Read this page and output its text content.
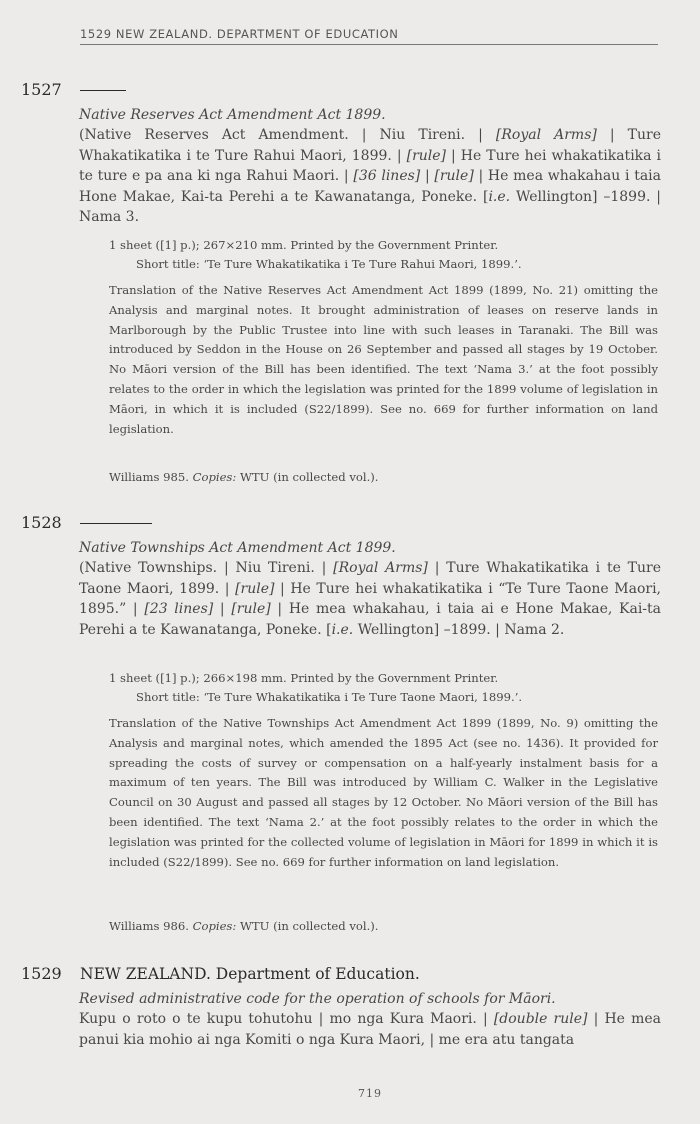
1529 NEW ZEALAND. DEPARTMENT OF EDUCATION
1527
Native Reserves Act Amendment Act 1899.
(Native Reserves Act Amendment. | Niu Tireni. | [Royal Arms] | Ture Whakatikatika i te Ture Rahui Maori, 1899. | [rule] | He Ture hei whakatikatika i te ture e pa ana ki nga Rahui Maori. | [36 lines] | [rule] | He mea whakahau i taia Hone Makae, Kai-ta Perehi a te Kawanatanga, Poneke. [i.e. Wellington] –1899. | Nama 3.
1 sheet ([1] p.); 267×210 mm. Printed by the Government Printer.
Short title: ‘Te Ture Whakatikatika i Te Ture Rahui Maori, 1899.’.
Translation of the Native Reserves Act Amendment Act 1899 (1899, No. 21) omitting the Analysis and marginal notes. It brought administration of leases on reserve lands in Marlborough by the Public Trustee into line with such leases in Taranaki. The Bill was introduced by Seddon in the House on 26 September and passed all stages by 19 October. No Māori version of the Bill has been identified. The text ‘Nama 3.’ at the foot possibly relates to the order in which the legislation was printed for the 1899 volume of legislation in Māori, in which it is included (S22/1899). See no. 669 for further information on land legislation.
Williams 985. Copies: WTU (in collected vol.).
1528
Native Townships Act Amendment Act 1899.
(Native Townships. | Niu Tireni. | [Royal Arms] | Ture Whakatikatika i te Ture Taone Maori, 1899. | [rule] | He Ture hei whakatikatika i “Te Ture Taone Maori, 1895.” | [23 lines] | [rule] | He mea whakahau, i taia ai e Hone Makae, Kai-ta Perehi a te Kawanatanga, Poneke. [i.e. Wellington] –1899. | Nama 2.
1 sheet ([1] p.); 266×198 mm. Printed by the Government Printer.
Short title: ‘Te Ture Whakatikatika i Te Ture Taone Maori, 1899.’.
Translation of the Native Townships Act Amendment Act 1899 (1899, No. 9) omitting the Analysis and marginal notes, which amended the 1895 Act (see no. 1436). It provided for spreading the costs of survey or compensation on a half-yearly instalment basis for a maximum of ten years. The Bill was introduced by William C. Walker in the Legislative Council on 30 August and passed all stages by 12 October. No Māori version of the Bill has been identified. The text ‘Nama 2.’ at the foot possibly relates to the order in which the legislation was printed for the collected volume of legislation in Māori for 1899 in which it is included (S22/1899). See no. 669 for further information on land legislation.
Williams 986. Copies: WTU (in collected vol.).
1529 NEW ZEALAND. Department of Education.
Revised administrative code for the operation of schools for Māori.
Kupu o roto o te kupu tohutohu | mo nga Kura Maori. | [double rule] | He mea panui kia mohio ai nga Komiti o nga Kura Maori, | me era atu tangata
719
